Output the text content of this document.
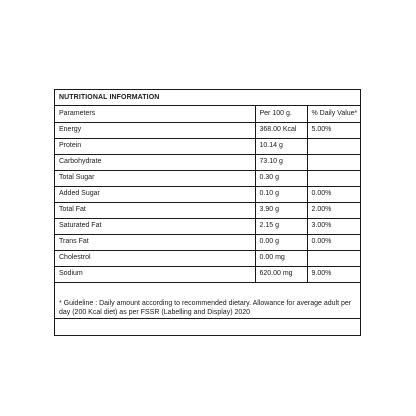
NUTRITIONAL INFORMATION
Parameters	Per 100 g.	% Daily Value*
Energy	368.00 Kcal	5.00%
Protein	10.14 g	
Carbohydrate	73.10 g	
Total Sugar	0.30 g	
Added Sugar	0.10 g	0.00%
Total Fat	3.90 g	2.00%
Saturated Fat	2.15 g	3.00%
Trans Fat	0.00 g	0.00%
Cholestrol	0.00 mg	
Sodium	620.00 mg	9.00%
* Guideline : Daily amount according to recommended dietary. Allowance for average adult per day (200 Kcal diet) as per FSSR (Labelling and Display) 2020
